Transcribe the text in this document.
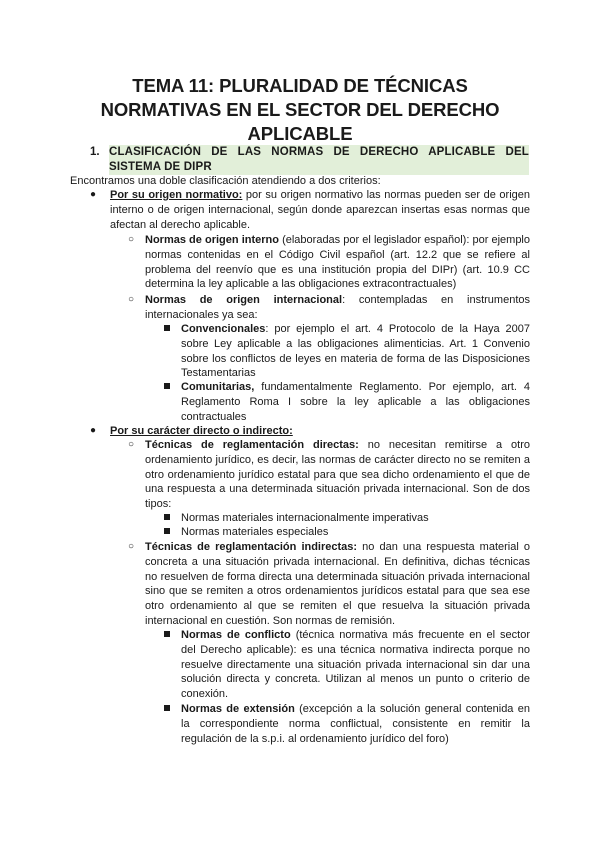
TEMA 11: PLURALIDAD DE TÉCNICAS NORMATIVAS EN EL SECTOR DEL DERECHO APLICABLE
1. CLASIFICACIÓN DE LAS NORMAS DE DERECHO APLICABLE DEL SISTEMA DE DIPR
Encontramos una doble clasificación atendiendo a dos criterios:
● Por su origen normativo: por su origen normativo las normas pueden ser de origen interno o de origen internacional, según donde aparezcan insertas esas normas que afectan al derecho aplicable.
○ Normas de origen interno (elaboradas por el legislador español): por ejemplo normas contenidas en el Código Civil español (art. 12.2 que se refiere al problema del reenvío que es una institución propia del DIPr) (art. 10.9 CC determina la ley aplicable a las obligaciones extracontractuales)
○ Normas de origen internacional: contempladas en instrumentos internacionales ya sea:
Convencionales: por ejemplo el art. 4 Protocolo de la Haya 2007 sobre Ley aplicable a las obligaciones alimenticias. Art. 1 Convenio sobre los conflictos de leyes en materia de forma de las Disposiciones Testamentarias
Comunitarias, fundamentalmente Reglamento. Por ejemplo, art. 4 Reglamento Roma I sobre la ley aplicable a las obligaciones contractuales
● Por su carácter directo o indirecto:
○ Técnicas de reglamentación directas: no necesitan remitirse a otro ordenamiento jurídico, es decir, las normas de carácter directo no se remiten a otro ordenamiento jurídico estatal para que sea dicho ordenamiento el que de una respuesta a una determinada situación privada internacional. Son de dos tipos:
Normas materiales internacionalmente imperativas
Normas materiales especiales
○ Técnicas de reglamentación indirectas: no dan una respuesta material o concreta a una situación privada internacional. En definitiva, dichas técnicas no resuelven de forma directa una determinada situación privada internacional sino que se remiten a otros ordenamientos jurídicos estatal para que sea ese otro ordenamiento al que se remiten el que resuelva la situación privada internacional en cuestión. Son normas de remisión.
Normas de conflicto (técnica normativa más frecuente en el sector del Derecho aplicable): es una técnica normativa indirecta porque no resuelve directamente una situación privada internacional sin dar una solución directa y concreta. Utilizan al menos un punto o criterio de conexión.
Normas de extensión (excepción a la solución general contenida en la correspondiente norma conflictual, consistente en remitir la regulación de la s.p.i. al ordenamiento jurídico del foro)
